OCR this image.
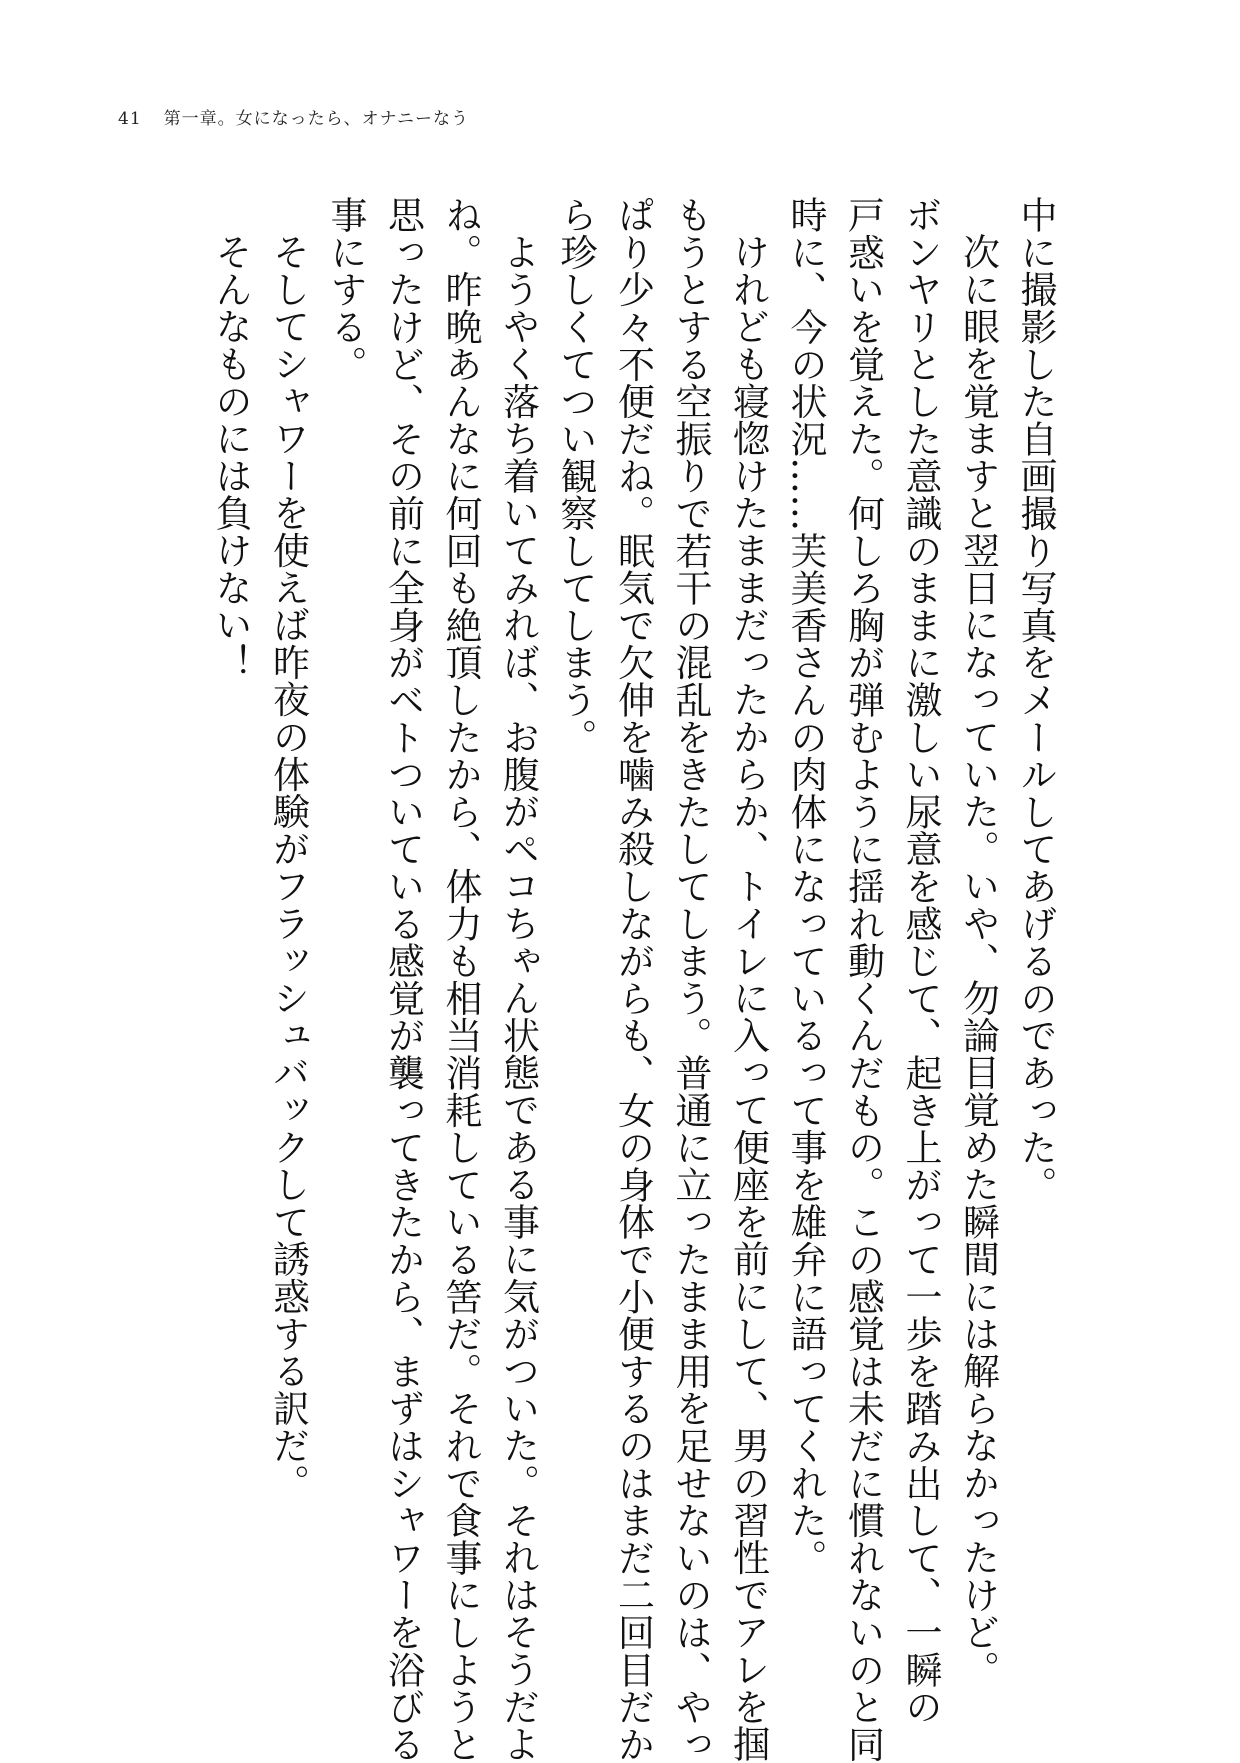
41 第一章。女になったら、オナニーなう

中に撮影した自画撮り写真をメールしてあげるのであった。

次に眼を覚ますと翌日になっていた。いや、勿論目覚めた瞬間には解らなかったけど。
ボンヤリとした意識のままに激しい尿意を感じて、起き上がって一歩を踏み出して、一瞬の
戸惑いを覚えた。何しろ胸が弾むように揺れ動くんだもの。この感覚は未だに慣れないのと同
時に、今の状況……芙美香さんの肉体になっているって事を雄弁に語ってくれた。

けれども寝惚けたままだったからか、トイレに入って便座を前にして、男の習性でアレを掴
もうとする空振りで若干の混乱をきたしてしまう。普通に立ったまま用を足せないのは、やっ
ぱり少々不便だね。眠気で欠伸を噛み殺しながらも、女の身体で小便するのはまだ二回目だか
ら珍しくてつい観察してしまう。

ようやく落ち着いてみれば、お腹がペコちゃん状態である事に気がついた。それはそうだよ
ね。昨晩あんなに何回も絶頂したから、体力も相当消耗している筈だ。それで食事にしようと
思ったけど、その前に全身がベトついている感覚が襲ってきたから、まずはシャワーを浴びる
事にする。

そしてシャワーを使えば昨夜の体験がフラッシュバックして誘惑する訳だ。
そんなものには負けない！
